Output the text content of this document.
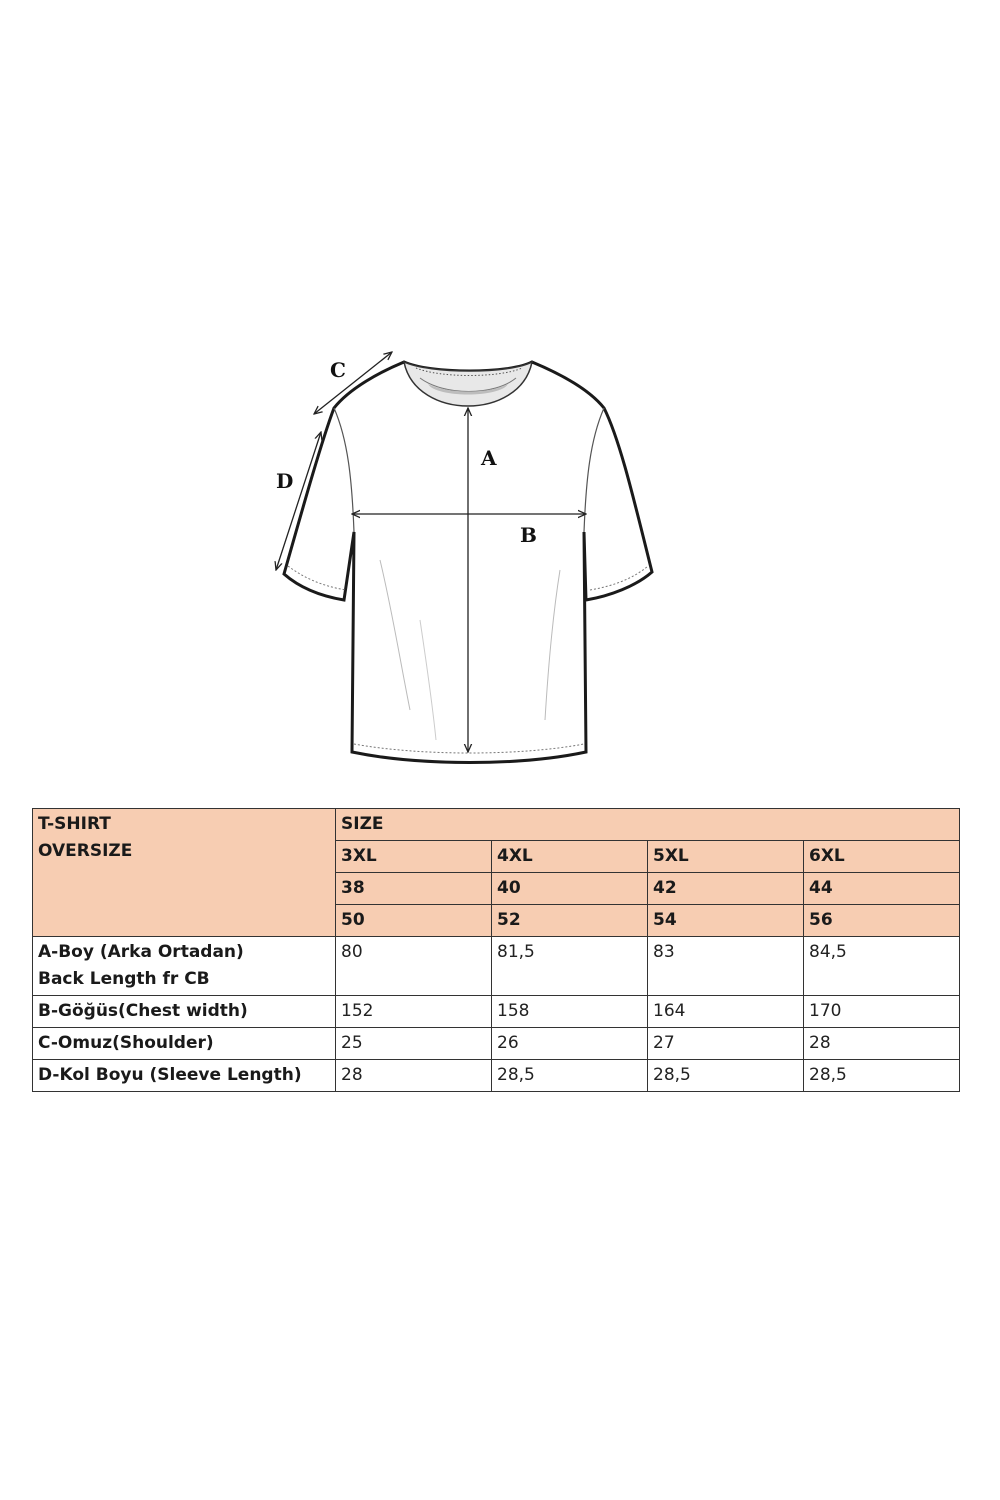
A
B
C
D
T-SHIRT
OVERSIZE	SIZE			
	3XL	4XL	5XL	6XL
	38	40	42	44
	50	52	54	56

A-Boy (Arka Ortadan)
Back Length fr CB	80	81,5	83	84,5
B-Göğüs(Chest width)	152	158	164	170
C-Omuz(Shoulder)	25	26	27	28
D-Kol Boyu (Sleeve Length)	28	28,5	28,5	28,5
